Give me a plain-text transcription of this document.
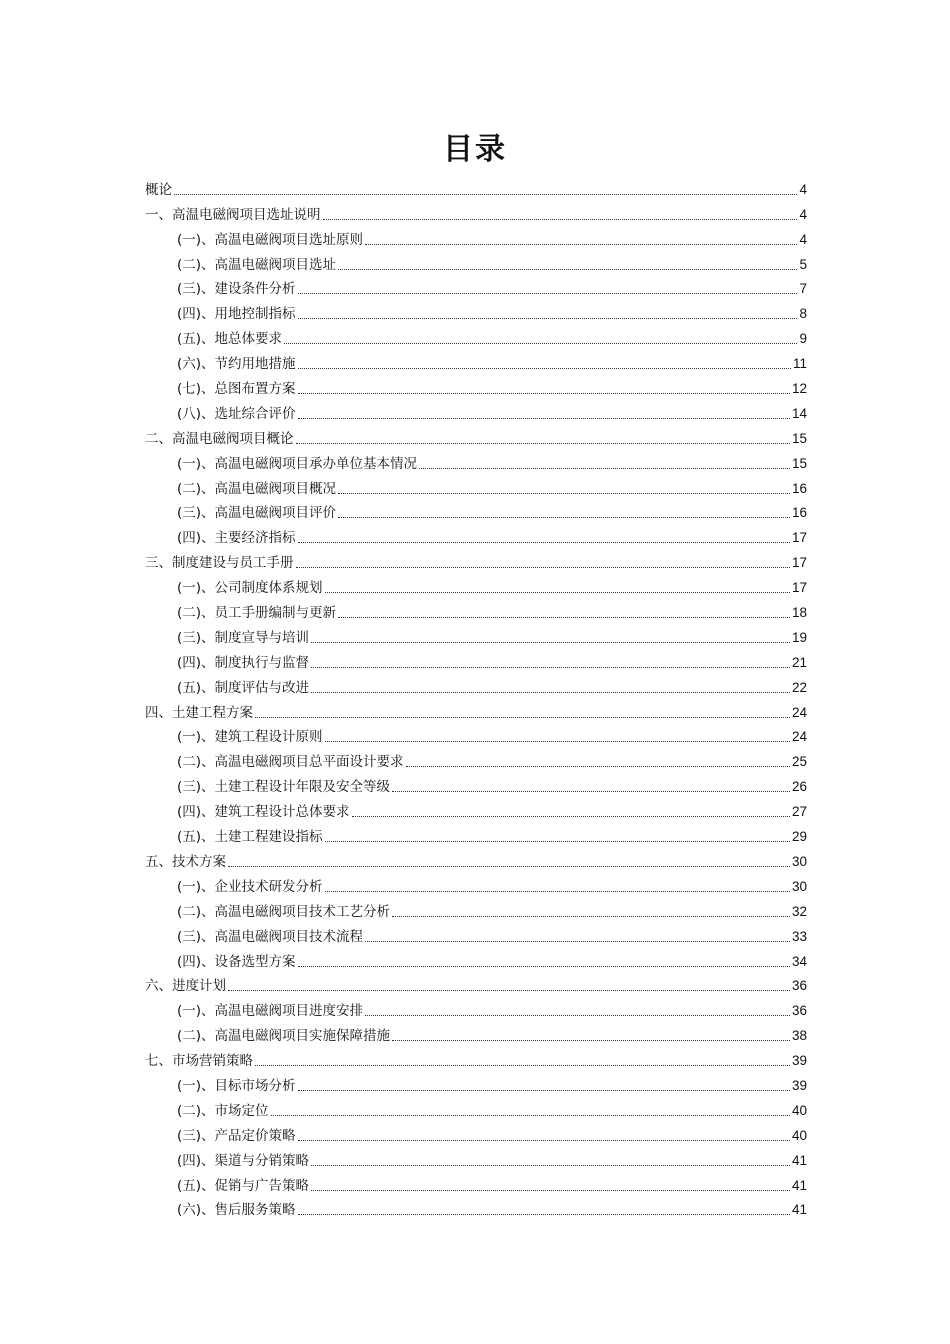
目录
概论	4
一、高温电磁阀项目选址说明	4
(一)、高温电磁阀项目选址原则	4
(二)、高温电磁阀项目选址	5
(三)、建设条件分析	7
(四)、用地控制指标	8
(五)、地总体要求	9
(六)、节约用地措施	11
(七)、总图布置方案	12
(八)、选址综合评价	14
二、高温电磁阀项目概论	15
(一)、高温电磁阀项目承办单位基本情况	15
(二)、高温电磁阀项目概况	16
(三)、高温电磁阀项目评价	16
(四)、主要经济指标	17
三、制度建设与员工手册	17
(一)、公司制度体系规划	17
(二)、员工手册编制与更新	18
(三)、制度宣导与培训	19
(四)、制度执行与监督	21
(五)、制度评估与改进	22
四、土建工程方案	24
(一)、建筑工程设计原则	24
(二)、高温电磁阀项目总平面设计要求	25
(三)、土建工程设计年限及安全等级	26
(四)、建筑工程设计总体要求	27
(五)、土建工程建设指标	29
五、技术方案	30
(一)、企业技术研发分析	30
(二)、高温电磁阀项目技术工艺分析	32
(三)、高温电磁阀项目技术流程	33
(四)、设备选型方案	34
六、进度计划	36
(一)、高温电磁阀项目进度安排	36
(二)、高温电磁阀项目实施保障措施	38
七、市场营销策略	39
(一)、目标市场分析	39
(二)、市场定位	40
(三)、产品定价策略	40
(四)、渠道与分销策略	41
(五)、促销与广告策略	41
(六)、售后服务策略	41
